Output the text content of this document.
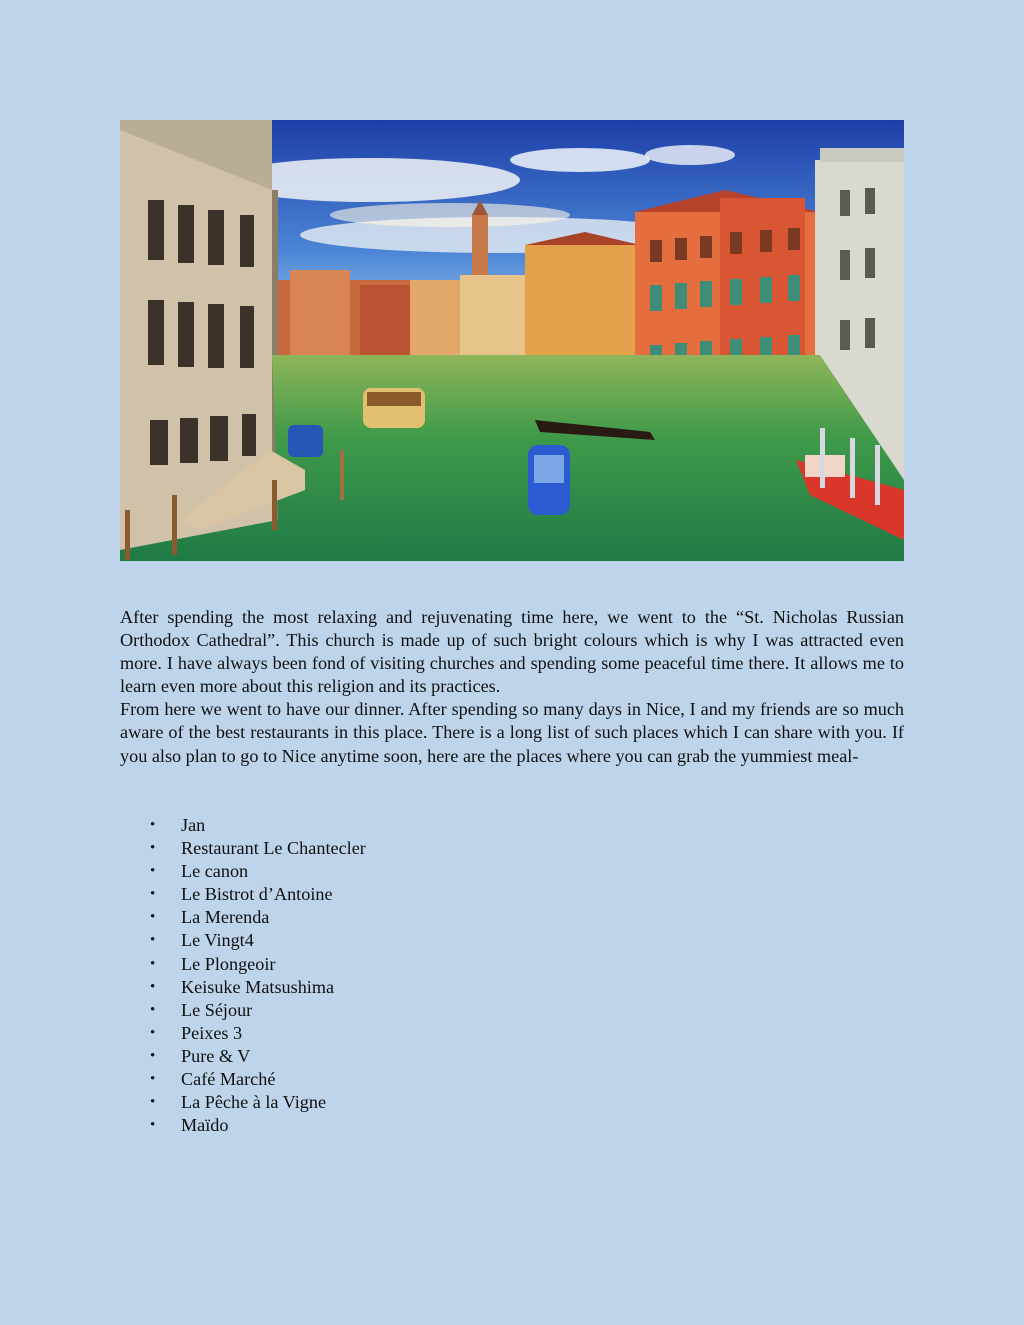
After spending the most relaxing and rejuvenating time here, we went to the “St. Nicholas Russian Orthodox Cathedral”. This church is made up of such bright colours which is why I was attracted even more. I have always been fond of visiting churches and spending some peaceful time there. It allows me to learn even more about this religion and its practices.

From here we went to have our dinner. After spending so many days in Nice, I and my friends are so much aware of the best restaurants in this place. There is a long list of such places which I can share with you. If you also plan to go to Nice anytime soon, here are the places where you can grab the yummiest meal-

• Jan
• Restaurant Le Chantecler
• Le canon
• Le Bistrot d’Antoine
• La Merenda
• Le Vingt4
• Le Plongeoir
• Keisuke Matsushima
• Le Séjour
• Peixes 3
• Pure & V
• Café Marché
• La Pêche à la Vigne
• Maïdo
